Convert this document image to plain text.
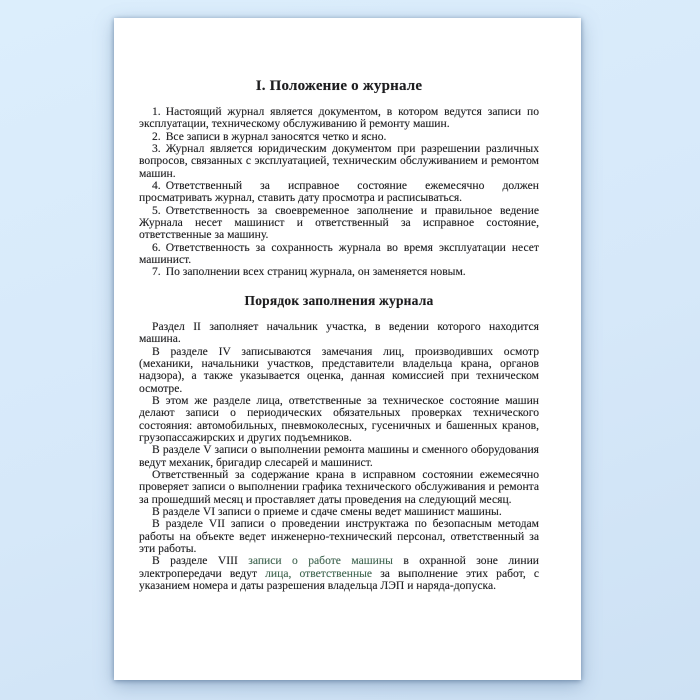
I. Положение о журнале

1. Настоящий журнал является документом, в котором ведутся записи по эксплуатации, техническому обслуживанию й ремонту машин.

2. Все записи в журнал заносятся четко и ясно.

3. Журнал является юридическим документом при разрешении различных вопросов, связанных с эксплуатацией, техническим обслуживанием и ремонтом машин.

4. Ответственный за исправное состояние ежемесячно должен просматривать журнал, ставить дату просмотра и расписываться.

5. Ответственность за своевременное заполнение и правильное ведение Журнала несет машинист и ответственный за исправное состояние, ответственные за машину.

6. Ответственность за сохранность журнала во время эксплуатации несет машинист.

7. По заполнении всех страниц журнала, он заменяется новым.

Порядок заполнения журнала

Раздел II заполняет начальник участка, в ведении которого находится машина.

В разделе IV записываются замечания лиц, производивших осмотр (механики, начальники участков, представители владельца крана, органов надзора), а также указывается оценка, данная комиссией при техническом осмотре.

В этом же разделе лица, ответственные за техническое состояние машин делают записи о периодических обязательных проверках технического состояния: автомобильных, пневмоколесных, гусеничных и башенных кранов, грузопассажирских и других подъемников.

В разделе V записи о выполнении ремонта машины и сменного оборудования ведут механик, бригадир слесарей и машинист.

Ответственный за содержание крана в исправном состоянии ежемесячно проверяет записи о выполнении графика технического обслуживания и ремонта за прошедший месяц и проставляет даты проведения на следующий месяц.

В разделе VI записи о приеме и сдаче смены ведет машинист машины.

В разделе VII записи о проведении инструктажа по безопасным методам работы на объекте ведет инженерно-технический персонал, ответственный за эти работы.

В разделе VIII записи о работе машины в охранной зоне линии электропередачи ведут лица, ответственные за выполнение этих работ, с указанием номера и даты разрешения владельца ЛЭП и наряда-допуска.
